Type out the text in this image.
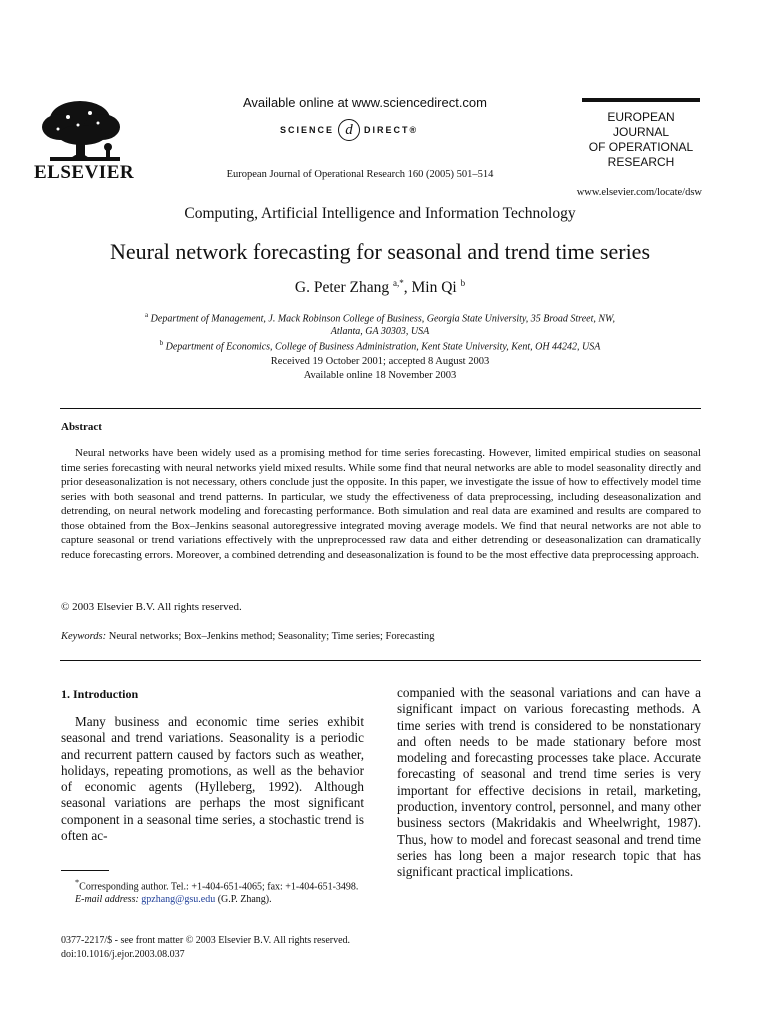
ELSEVIER
Available online at www.sciencedirect.com
SCIENCE d	DIRECT®
European Journal of Operational Research 160 (2005) 501–514
EUROPEAN
JOURNAL
OF OPERATIONAL
RESEARCH
www.elsevier.com/locate/dsw
Computing, Artificial Intelligence and Information Technology
Neural network forecasting for seasonal and trend time series
G. Peter Zhang $^{a,*}$, Min Qi $^b$
$^a$ Department of Management, J. Mack Robinson College of Business, Georgia State University, 35 Broad Street, NW,
Atlanta, GA 30303, USA
$^b$ Department of Economics, College of Business Administration, Kent State University, Kent, OH 44242, USA
Received 19 October 2001; accepted 8 August 2003
Available online 18 November 2003
Abstract

Neural networks have been widely used as a promising method for time series forecasting. However, limited empirical studies on seasonal time series forecasting with neural networks yield mixed results. While some find that neural networks are able to model seasonality directly and prior deseasonalization is not necessary, others conclude just the opposite. In this paper, we investigate the issue of how to effectively model time series with both seasonal and trend patterns. In particular, we study the effectiveness of data preprocessing, including deseasonalization and detrending, on neural network modeling and forecasting performance. Both simulation and real data are examined and results are compared to those obtained from the Box–Jenkins seasonal autoregressive integrated moving average models. We find that neural networks are not able to capture seasonal or trend variations effectively with the unpreprocessed raw data and either detrending or deseasonalization can dramatically reduce forecasting errors. Moreover, a combined detrending and deseasonalization is found to be the most effective data preprocessing approach.

© 2003 Elsevier B.V. All rights reserved.
Keywords: Neural networks; Box–Jenkins method; Seasonality; Time series; Forecasting
1. Introduction

Many business and economic time series exhibit seasonal and trend variations. Seasonality is a periodic and recurrent pattern caused by factors such as weather, holidays, repeating promotions, as well as the behavior of economic agents (Hylleberg, 1992). Although seasonal variations are perhaps the most significant component in a seasonal time series, a stochastic trend is often ac-

companied with the seasonal variations and can have a significant impact on various forecasting methods. A time series with trend is considered to be nonstationary and often needs to be made stationary before most modeling and forecasting processes take place. Accurate forecasting of seasonal and trend time series is very important for effective decisions in retail, marketing, production, inventory control, personnel, and many other business sectors (Makridakis and Wheelwright, 1987). Thus, how to model and forecast seasonal and trend time series has long been a major research topic that has significant practical implications.

*Corresponding author. Tel.: +1-404-651-4065; fax: +1-404-651-3498.
E-mail address: gpzhang@gsu.edu (G.P. Zhang).
0377-2217/$ - see front matter © 2003 Elsevier B.V. All rights reserved.
doi:10.1016/j.ejor.2003.08.037
